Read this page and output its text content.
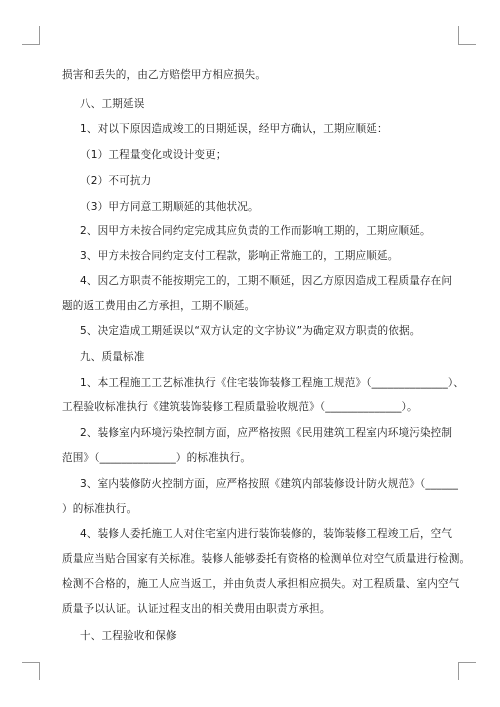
损害和丢失的，由乙方赔偿甲方相应损失。
八、工期延误
1、对以下原因造成竣工的日期延误，经甲方确认，工期应顺延：
（1）工程量变化或设计变更；
（2）不可抗力
（3）甲方同意工期顺延的其他状况。
2、因甲方未按合同约定完成其应负责的工作而影响工期的，工期应顺延。
3、甲方未按合同约定支付工程款，影响正常施工的，工期应顺延。
4、因乙方职责不能按期完工的，工期不顺延，因乙方原因造成工程质量存在问
题的返工费用由乙方承担，工期不顺延。
5、决定造成工期延误以“双方认定的文字协议”为确定双方职责的依据。
九、质量标准
1、本工程施工工艺标准执行《住宅装饰装修工程施工规范》（______________）、
工程验收标准执行《建筑装饰装修工程质量验收规范》（______________）。
2、装修室内环境污染控制方面，应严格按照《民用建筑工程室内环境污染控制
范围》（______________）的标准执行。
3、室内装修防火控制方面，应严格按照《建筑内部装修设计防火规范》（______
）的标准执行。
4、装修人委托施工人对住宅室内进行装饰装修的，装饰装修工程竣工后，空气
质量应当贴合国家有关标准。装修人能够委托有资格的检测单位对空气质量进行检测。
检测不合格的，施工人应当返工，并由负责人承担相应损失。对工程质量、室内空气
质量予以认证。认证过程支出的相关费用由职责方承担。
十、工程验收和保修
